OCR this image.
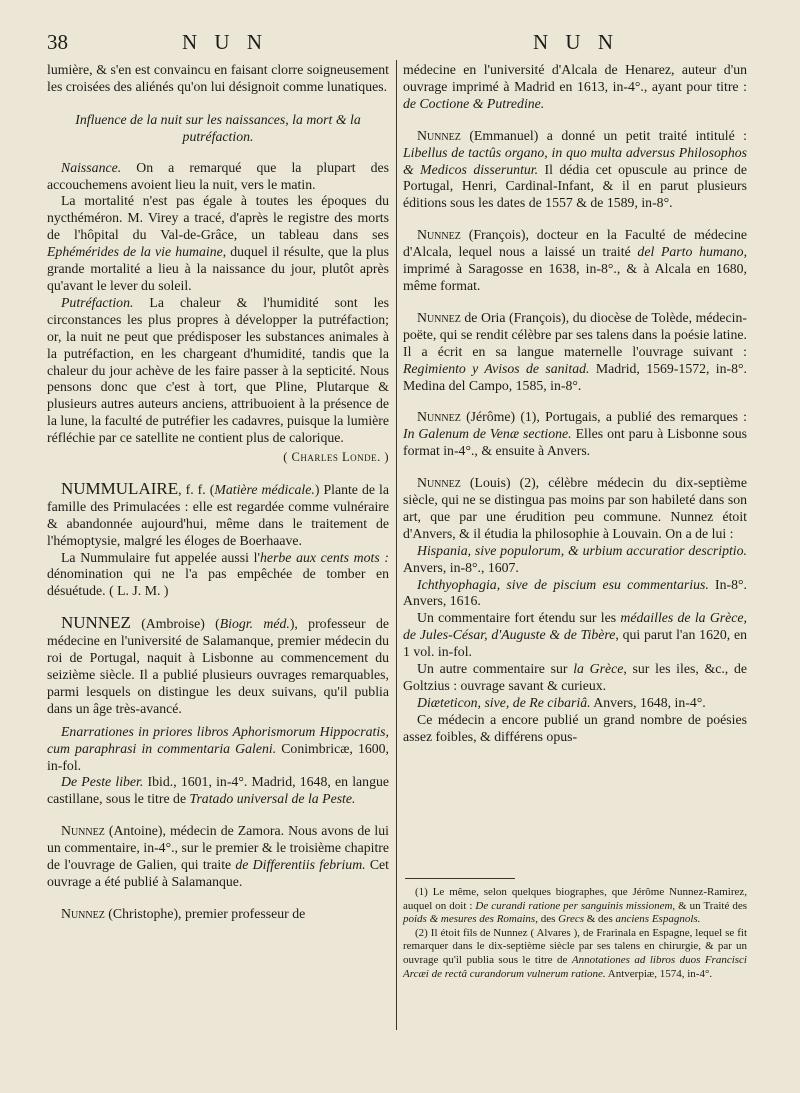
38	N U N	N U N

lumière, & s'en est convaincu en faisant clorre soigneusement les croisées des aliénés qu'on lui désignoit comme lunatiques.

Influence de la nuit sur les naissances, la mort & la putréfaction.

Naissance. On a remarqué que la plupart des accouchemens avoient lieu la nuit, vers le matin.

La mortalité n'est pas égale à toutes les époques du nycthéméron. M. Virey a tracé, d'après le registre des morts de l'hôpital du Val-de-Grâce, un tableau dans ses Ephémérides de la vie humaine, duquel il résulte, que la plus grande mortalité a lieu à la naissance du jour, plutôt après qu'avant le lever du soleil.

Putréfaction. La chaleur & l'humidité sont les circonstances les plus propres à développer la putréfaction; or, la nuit ne peut que prédisposer les substances animales à la putréfaction, en les chargeant d'humidité, tandis que la chaleur du jour achève de les faire passer à la septicité. Nous pensons donc que c'est à tort, que Pline, Plutarque & plusieurs autres auteurs anciens, attribuoient à la présence de la lune, la faculté de putréfier les cadavres, puisque la lumière réfléchie par ce satellite ne contient plus de calorique.

( Charles Londe. )

NUMMULAIRE, f. f. (Matière médicale.) Plante de la famille des Primulacées : elle est regardée comme vulnéraire & abandonnée aujourd'hui, même dans le traitement de l'hémoptysie, malgré les éloges de Boerhaave.

La Nummulaire fut appelée aussi l'herbe aux cents mots : dénomination qui ne l'a pas empêchée de tomber en désuétude. ( L. J. M. )

NUNNEZ (Ambroise) (Biogr. méd.), professeur de médecine en l'université de Salamanque, premier médecin du roi de Portugal, naquit à Lisbonne au commencement du seizième siècle. Il a publié plusieurs ouvrages remarquables, parmi lesquels on distingue les deux suivans, qu'il publia dans un âge très-avancé.

Enarrationes in priores libros Aphorismorum Hippocratis, cum paraphrasi in commentaria Galeni. Conimbricæ, 1600, in-fol.

De Peste liber. Ibid., 1601, in-4°. Madrid, 1648, en langue castillane, sous le titre de Tratado universal de la Peste.

Nunnez (Antoine), médecin de Zamora. Nous avons de lui un commentaire, in-4°., sur le premier & le troisième chapitre de l'ouvrage de Galien, qui traite de Differentiis febrium. Cet ouvrage a été publié à Salamanque.

Nunnez (Christophe), premier professeur de

médecine en l'université d'Alcala de Henarez, auteur d'un ouvrage imprimé à Madrid en 1613, in-4°., ayant pour titre : de Coctione & Putredine.

Nunnez (Emmanuel) a donné un petit traité intitulé : Libellus de tactûs organo, in quo multa adversus Philosophos & Medicos disseruntur. Il dédia cet opuscule au prince de Portugal, Henri, Cardinal-Infant, & il en parut plusieurs éditions sous les dates de 1557 & de 1589, in-8°.

Nunnez (François), docteur en la Faculté de médecine d'Alcala, lequel nous a laissé un traité del Parto humano, imprimé à Saragosse en 1638, in-8°., & à Alcala en 1680, même format.

Nunnez de Oria (François), du diocèse de Tolède, médecin-poëte, qui se rendit célèbre par ses talens dans la poésie latine. Il a écrit en sa langue maternelle l'ouvrage suivant : Regimiento y Avisos de sanitad. Madrid, 1569-1572, in-8°. Medina del Campo, 1585, in-8°.

Nunnez (Jérôme) (1), Portugais, a publié des remarques : In Galenum de Venæ sectione. Elles ont paru à Lisbonne sous format in-4°., & ensuite à Anvers.

Nunnez (Louis) (2), célèbre médecin du dix-septième siècle, qui ne se distingua pas moins par son habileté dans son art, que par une érudition peu commune. Nunnez étoit d'Anvers, & il étudia la philosophie à Louvain. On a de lui :

Hispania, sive populorum, & urbium accuratior descriptio. Anvers, in-8°., 1607.

Ichthyophagia, sive de piscium esu commentarius. In-8°. Anvers, 1616.

Un commentaire fort étendu sur les médailles de la Grèce, de Jules-César, d'Auguste & de Tibère, qui parut l'an 1620, en 1 vol. in-fol.

Un autre commentaire sur la Grèce, sur les iles, &c., de Goltzius : ouvrage savant & curieux.

Diæteticon, sive, de Re cibariâ. Anvers, 1648, in-4°.

Ce médecin a encore publié un grand nombre de poésies assez foibles, & différens opus-

(1) Le même, selon quelques biographes, que Jérôme Nunnez-Ramirez, auquel on doit : De curandi ratione per sanguinis missionem, & un Traité des poids & mesures des Romains, des Grecs & des anciens Espagnols.

(2) Il étoit fils de Nunnez ( Alvares ), de Frarinala en Espagne, lequel se fit remarquer dans le dix-septième siècle par ses talens en chirurgie, & par un ouvrage qu'il publia sous le titre de Annotationes ad libros duos Francisci Arcæi de rectâ curandorum vulnerum ratione. Antverpiæ, 1574, in-4°.
